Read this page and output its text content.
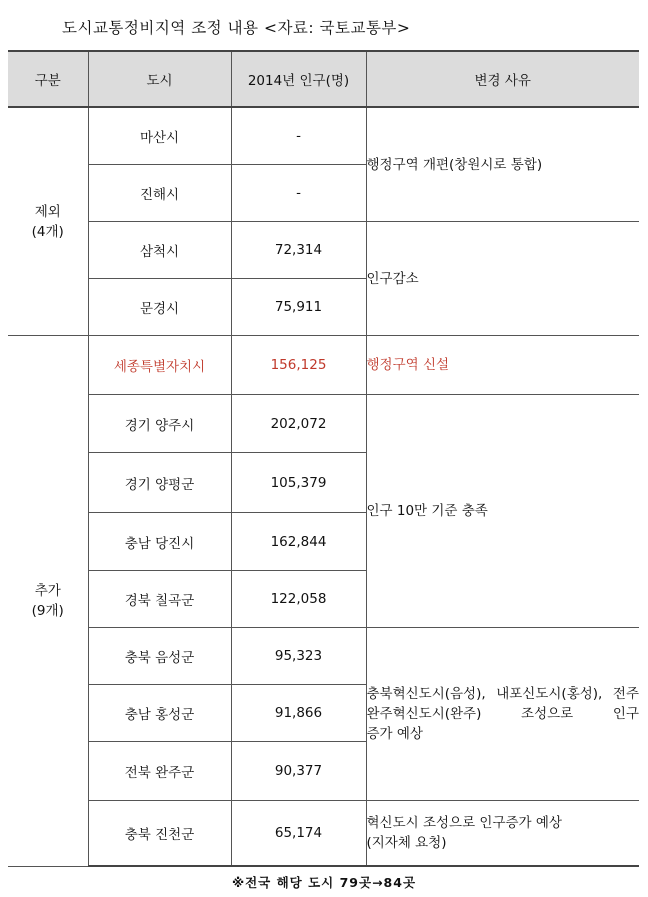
도시교통정비지역 조정 내용 <자료: 국토교통부>
구분	도시	2014년 인구(명)	변경 사유

제외
(4개)	마산시	-	행정구역 개편(창원시로 통합)
	진해시	-	
	삼척시	72,314	인구감소
	문경시	75,911	

추가
(9개)	세종특별자치시	156,125	행정구역 신설
	경기 양주시	202,072	인구 10만 기준 충족
	경기 양평군	105,379	
	충남 당진시	162,844	
	경북 칠곡군	122,058	
	충북 음성군	95,323	충북혁신도시(음성), 내포신도시(홍성), 전주완주혁신도시(완주) 조성으로 인구
증가 예상

	충남 홍성군	91,866	
	전북 완주군	90,377	
	충북 진천군	65,174	혁신도시 조성으로 인구증가 예상
(지자체 요청)
※전국 해당 도시 79곳→84곳
